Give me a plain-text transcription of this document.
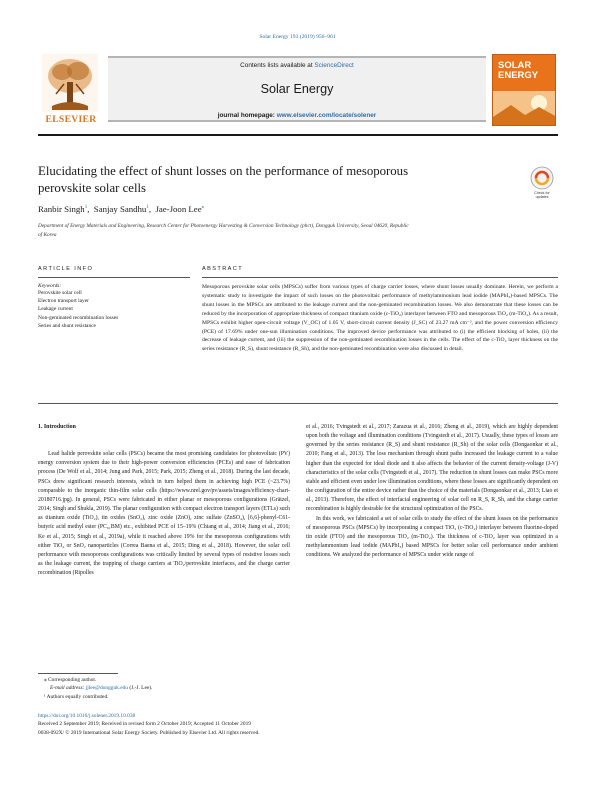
Solar Energy 193 (2019) 956–961
ELSEVIER
Contents lists available at ScienceDirect
Solar Energy
journal homepage: www.elsevier.com/locate/solener
SOLAR
ENERGY
Elucidating the effect of shunt losses on the performance of mesoporous
perovskite solar cells	Check for
updates
Ranbir Singh$^1$,  Sanjay Sandhu$^1$,  Jae-Joon Lee⁎
Department of Energy Materials and Engineering, Research Center for Photoenergy Harvesting & Conversion Technology (phct), Dongguk University, Seoul 04620, Republic
of Korea
ARTICLE INFO	ABSTRACT
Keywords:
Perovskite solar cell
Electron transport layer
Leakage current
Non-geminated recombination losses
Series and shunt resistance
Mesoporous perovskite solar cells (MPSCs) suffer from various types of charge carrier losses, where shunt losses usually dominate. Herein, we perform a systematic study to investigate the impact of such losses on the photovoltaic performance of methylammonium lead iodide (MAPbI₃)-based MPSCs. The shunt losses in the MPSCs are attributed to the leakage current and the non-geminated recombination losses. We also demonstrate that these losses can be reduced by the incorporation of appropriate thickness of compact titanium oxide (c-TiO₂) interlayer between FTO and mesoporous TiO₂ (m-TiO₂). As a result, MPSCs exhibit higher open-circuit voltage (V_OC) of 1.05 V, short-circuit current density (J_SC) of 23.27 mA cm⁻², and the power conversion efficiency (PCE) of 17.69% under one-sun illumination conditions. The improved device performance was attributed to (i) the efficient blocking of holes, (ii) the decrease of leakage current, and (iii) the suppression of the non-geminated recombination losses in the cells. The effect of the c-TiO₂ layer thickness on the series resistance (R_S), shunt resistance (R_Sh), and the non-geminated recombination were also discussed in detail.
1. Introduction

Lead halide perovskite solar cells (PSCs) became the most promising candidates for photovoltaic (PV) energy conversion system due to their high-power conversion efficiencies (PCEs) and ease of fabrication process (De Wolf et al., 2014; Jung and Park, 2015; Park, 2015; Zheng et al., 2018). During the last decade, PSCs drew significant research interests, which in turn helped them in achieving high PCE (~23.7%) comparable to the inorganic thin-film solar cells (https://www.nrel.gov/pv/assets/images/efficiency-chart-20180716.jpg). In general, PSCs were fabricated in either planar or mesoporous configurations (Grätzel, 2014; Singh and Shukla, 2019). The planar configuration with compact electron transport layers (ETLs) such as titanium oxide (TiO₂), tin oxides (SnO₂), zinc oxide (ZnO), zinc sulfate (ZnSO₄), [6,6]-phenyl-C61-butyric acid methyl ester (PC₆₁BM) etc., exhibited PCE of 15–19% (Chiang et al., 2014; Jiang et al., 2016; Ke et al., 2015; Singh et al., 2019a), while it reached above 19% for the mesoporous configurations with either TiO₂ or SnO₂ nanoparticles (Correa Baena et al., 2015; Ding et al., 2018). However, the solar cell performance with mesoporous configurations was critically limited by several types of resistive losses such as the leakage current, the trapping of charge carriers at TiO₂/perovskite interfaces, and the charge carrier recombination (Ripolles

et al., 2016; Tvingstedt et al., 2017; Zarazua et al., 2016; Zheng et al., 2019), which are highly dependent upon both the voltage and illumination conditions (Tvingstedt et al., 2017). Usually, these types of losses are governed by the series resistance (R_S) and shunt resistance (R_Sh) of the solar cells (Dongaonkar et al., 2010; Fang et al., 2013). The loss mechanism through shunt paths increased the leakage current to a value higher than the expected for ideal diode and it also affects the behavior of the current density-voltage (J-V) characteristics of the solar cells (Tvingstedt et al., 2017). The reduction in shunt losses can make PSCs more stable and efficient even under low illumination conditions, where these losses are significantly dependent on the configuration of the entire device rather than the choice of the materials (Dongaonkar et al., 2013; Liao et al., 2013). Therefore, the effect of interfacial engineering of solar cell on R_S, R_Sh, and the charge carrier recombination is highly desirable for the structural optimization of the PSCs.

In this work, we fabricated a set of solar cells to study the effect of the shunt losses on the performance of mesoporous PSCs (MPSCs) by incorporating a compact TiO₂ (c-TiO₂) interlayer between fluorine-doped tin oxide (FTO) and the mesoporous TiO₂ (m-TiO₂). The thickness of c-TiO₂ layer was optimized in a methylammonium lead iodide (MAPbI₃) based MPSCs for better solar cell performance under ambient conditions. We analyzed the performance of MPSCs under wide range of

⁎ Corresponding author.
E-mail address: jjlee@dongguk.edu (J.-J. Lee).
¹ Authors equally contributed.
https://doi.org/10.1016/j.solener.2019.10.038
Received 2 September 2019; Received in revised form 2 October 2019; Accepted 11 October 2019
0038-092X/ © 2019 International Solar Energy Society. Published by Elsevier Ltd. All rights reserved.
